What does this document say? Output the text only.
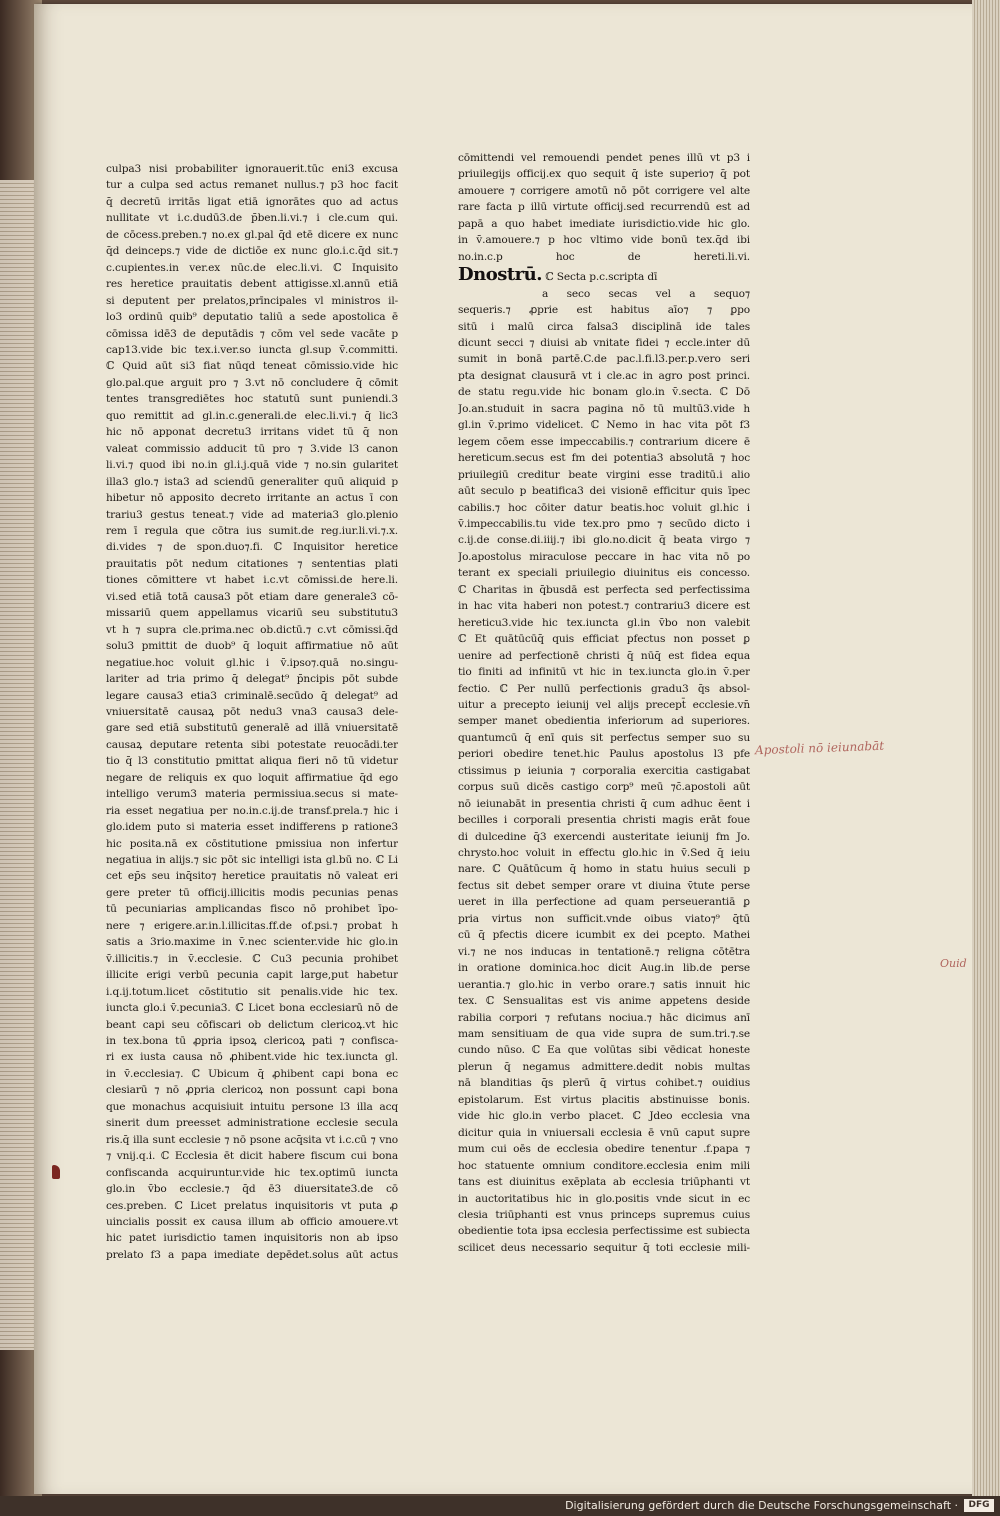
culpa3 nisi probabiliter ignorauerit.tūc eni3 excusa
tur a culpa sed actus remanet nullus.⁊ p3 hoc facit
q̄ decretū irritās ligat etiā ignorātes quo ad actus
nullitate vt i.c.dudū3.de p̄ben.li.vi.⁊ i cle.cum qui.
de cōcess.preben.⁊ no.ex gl.pal q̄d etē dicere ex nunc
q̄d deinceps.⁊ vide de dictiōe ex nunc glo.i.c.q̄d sit.⁊
c.cupientes.in ver.ex nūc.de elec.li.vi. ℂ Inquisito
res heretice prauitatis debent attigisse.xl.annū etiā
si deputent per prelatos,prīncipales vl ministros il-
lo3 ordinū quib⁹ deputatio taliū a sede apostolica ē
cōmissa idē3 de deputādis ⁊ cōm vel sede vacāte p
cap13.vide bic tex.i.ver.so iuncta gl.sup v̄.committi.
ℂ Quid aūt si3 fiat nūqd teneat cōmissio.vide hic
glo.pal.que arguit pro ⁊ 3.vt nō concludere q̄ cōmit
tentes transgrediētes hoc statutū sunt puniendi.3
quo remittit ad gl.in.c.generali.de elec.li.vi.⁊ q̄ lic3
hic nō apponat decretu3 irritans videt tū q̄ non
valeat commissio adducit tū pro ⁊ 3.vide l3 canon
li.vi.⁊ quod ibi no.in gl.i.j.quā vide ⁊ no.sin gularitet
illa3 glo.⁊ ista3 ad sciendū generaliter quū aliquid p
hibetur nō apposito decreto irritante an actus ī con
trariu3 gestus teneat.⁊ vide ad materia3 glo.plenio
rem ī regula que cōtra ius sumit.de reg.iur.li.vi.⁊.x.
di.vides ⁊ de spon.duo⁊.fi. ℂ Inquisitor heretice
prauitatis pōt nedum citationes ⁊ sententias plati
tiones cōmittere vt habet i.c.vt cōmissi.de here.li.
vi.sed etiā totā causa3 pōt etiam dare generale3 cō-
missariū quem appellamus vicariū seu substitutu3
vt h ⁊ supra cle.prima.nec ob.dictū.⁊ c.vt cōmissi.q̄d
solu3 pmittit de duob⁹ q̄ loquit affirmatiue nō aūt
negatiue.hoc voluit gl.hic i v̄.ipso⁊.quā no.singu-
lariter ad tria primo q̄ delegat⁹ p̄ncipis pōt subde
legare causa3 etia3 criminalē.secūdo q̄ delegat⁹ ad
vniuersitatē causaꝝ pōt nedu3 vna3 causa3 dele-
gare sed etiā substitutū generalē ad illā vniuersitatē
causaꝝ deputare retenta sibi potestate reuocādi.ter
tio q̄ l3 constitutio pmittat aliqua fieri nō tū videtur
negare de reliquis ex quo loquit affirmatiue q̄d ego
intelligo verum3 materia permissiua.secus si mate-
ria esset negatiua per no.in.c.ij.de transf.prela.⁊ hic i
glo.idem puto si materia esset indifferens p ratione3
hic posita.nā ex cōstitutione pmissiua non infertur
negatiua in alijs.⁊ sic pōt sic intelligi ista gl.bū no. ℂ Li
cet ep̄s seu inq̄sito⁊ heretice prauitatis nō valeat eri
gere preter tū officij.illicitis modis pecunias penas
tū pecuniarias amplicandas fisco nō prohibet īpo-
nere ⁊ erigere.ar.in.l.illicitas.ff.de of.psi.⁊ probat h
satis a 3rio.maxime in v̄.nec scienter.vide hic glo.in
v̄.illicitis.⁊ in v̄.ecclesie. ℂ Cu3 pecunia prohibet
illicite erigi verbū pecunia capit large,put habetur
i.q.ij.totum.licet cōstitutio sit penalis.vide hic tex.
iuncta glo.i v̄.pecunia3. ℂ Licet bona ecclesiarū nō de
beant capi seu cōfiscari ob delictum clericoꝝ.vt hic
in tex.bona tū ꝓpria ipsoꝝ clericoꝝ pati ⁊ confisca-
ri ex iusta causa nō ꝓhibent.vide hic tex.iuncta gl.
in v̄.ecclesia⁊. ℂ Ubicum q̄ ꝓhibent capi bona ec
clesiarū ⁊ nō ꝓpria clericoꝝ non possunt capi bona
que monachus acquisiuit intuitu persone l3 illa acq
sinerit dum preesset administratione ecclesie secula
ris.q̄ illa sunt ecclesie ⁊ nō psone acq̄sita vt i.c.cū ⁊ vno
⁊ vnij.q.i. ℂ Ecclesia ēt dicit habere fiscum cui bona
confiscanda acquiruntur.vide hic tex.optimū iuncta
glo.in v̄bo ecclesie.⁊ q̄d ē3 diuersitate3.de cō
ces.preben. ℂ Licet prelatus inquisitoris vt puta ꝓ
uincialis possit ex causa illum ab officio amouere.vt
hic patet iurisdictio tamen inquisitoris non ab ipso
prelato f3 a papa imediate depēdet.solus aūt actus
cōmittendi vel remouendi pendet penes illū vt p3 i
priuilegijs officij.ex quo sequit q̄ iste superio⁊ q̄ pot
amouere ⁊ corrigere amotū nō pōt corrigere vel alte
rare facta p illū virtute officij.sed recurrendū est ad
papā a quo habet imediate iurisdictio.vide hic glo.
in v̄.amouere.⁊ p hoc vltimo vide bonū tex.q̄d ibi
no.in.c.p hoc de hereti.li.vi.
Dnostrū. ℂ Secta p.c.scripta dī
a seco secas vel a sequo⁊
sequeris.⁊ ꝓprie est habitus aīo⁊ ⁊ ꝑpo
sitū i malū circa falsa3 disciplinā ide tales
dicunt secci ⁊ diuisi ab vnitate fidei ⁊ eccle.inter dū
sumit in bonā partē.C.de pac.l.fi.l3.per.p.vero seri
pta designat clausurā vt i cle.ac in agro post princi.
de statu regu.vide hic bonam glo.in v̄.secta. ℂ Dō
Jo.an.studuit in sacra pagina nō tū multū3.vide h
gl.in v̄.primo videlicet. ℂ Nemo in hac vita pōt f3
legem cōem esse impeccabilis.⁊ contrarium dicere ē
hereticum.secus est fm dei potentia3 absolutā ⁊ hoc
priuilegiū creditur beate virgini esse traditū.i alio
aūt seculo p beatifica3 dei visionē efficitur quis īpec
cabilis.⁊ hoc cōiter datur beatis.hoc voluit gl.hic i
v̄.impeccabilis.tu vide tex.pro pmo ⁊ secūdo dicto i
c.ij.de conse.di.iiij.⁊ ibi glo.no.dicit q̄ beata virgo ⁊
Jo.apostolus miraculose peccare in hac vita nō po
terant ex speciali priuilegio diuinitus eis concesso.
ℂ Charitas in q̄busdā est perfecta sed perfectissima
in hac vita haberi non potest.⁊ contrariu3 dicere est
hereticu3.vide hic tex.iuncta gl.in v̄bo non valebit
ℂ Et quātūcūq̄ quis efficiat pfectus non posset ꝑ
uenire ad perfectionē christi q̄ nūq̄ est fidea equa
tio finiti ad infinitū vt hic in tex.iuncta glo.in v̄.per
fectio. ℂ Per nullū perfectionis gradu3 q̄s absol-
uitur a precepto ieiunij vel alijs precept̄ ecclesie.vn̄
semper manet obedientia inferiorum ad superiores.
quantumcū q̄ enī quis sit perfectus semper suo su
periori obedire tenet.hic Paulus apostolus l3 pfe
ctissimus p ieiunia ⁊ corporalia exercitia castigabat
corpus suū dicēs castigo corp⁹ meū ⁊c̄.apostoli aūt
nō ieiunabāt in presentia christi q̄ cum adhuc ēent i
becilles i corporali presentia christi magis erāt foue
di dulcedine q̄3 exercendi austeritate ieiunij fm Jo.
chrysto.hoc voluit in effectu glo.hic in v̄.Sed q̄ ieiu
nare. ℂ Quātūcum q̄ homo in statu huius seculi p
fectus sit debet semper orare vt diuina v̄tute perse
ueret in illa perfectione ad quam perseuerantiā ꝑ
pria virtus non sufficit.vnde oibus viato⁊⁹ q̄tū
cū q̄ pfectis dicere icumbit ex dei pcepto. Mathei
vi.⁊ ne nos inducas in tentationē.⁊ religna cōtētra
in oratione dominica.hoc dicit Aug.in lib.de perse
uerantia.⁊ glo.hic in verbo orare.⁊ satis innuit hic
tex. ℂ Sensualitas est vis anime appetens deside
rabilia corpori ⁊ refutans nociua.⁊ hāc dicimus anī
mam sensitiuam de qua vide supra de sum.tri.⁊.se
cundo nūso. ℂ Ea que volūtas sibi vēdicat honeste
plerun q̄ negamus admittere.dedit nobis multas
nā blanditias q̄s plerū q̄ virtus cohibet.⁊ ouidius
epistolarum. Est virtus placitis abstinuisse bonis.
vide hic glo.in verbo placet. ℂ Jdeo ecclesia vna
dicitur quia in vniuersali ecclesia ē vnū caput supre
mum cui oēs de ecclesia obedire tenentur .f.papa ⁊
hoc statuente omnium conditore.ecclesia enim mili
tans est diuinitus exēplata ab ecclesia triūphanti vt
in auctoritatibus hic in glo.positis vnde sicut in ec
clesia triūphanti est vnus princeps supremus cuius
obedientie tota ipsa ecclesia perfectissime est subiecta
scilicet deus necessario sequitur q̄ toti ecclesie mili-
Apostoli nō ieiunabāt
Ouid
Digitalisierung gefördert durch die Deutsche Forschungsgemeinschaft ·	DFG
